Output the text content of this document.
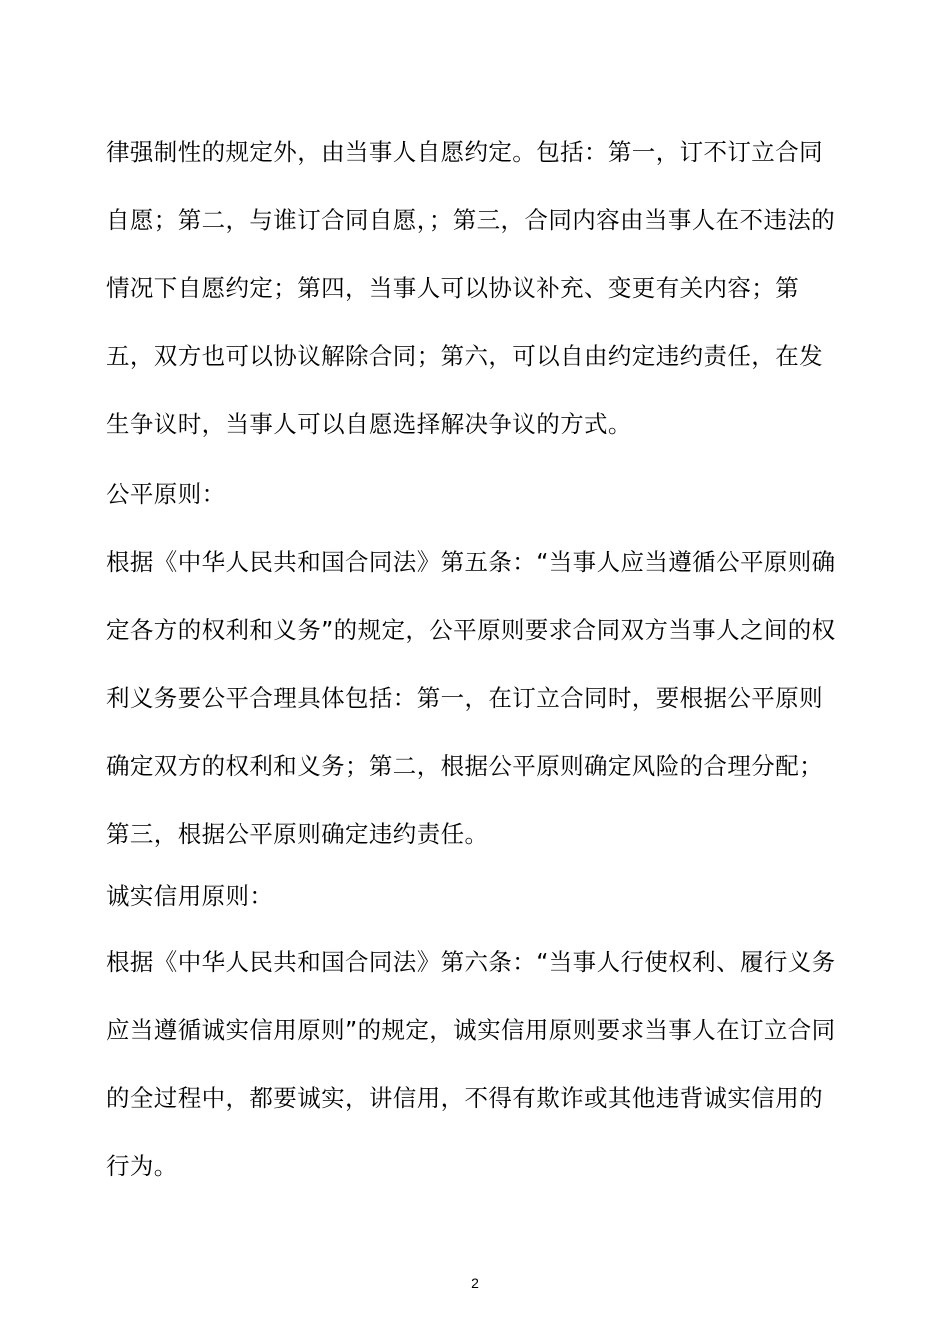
律强制性的规定外，由当事人自愿约定。包括：第一，订不订立合同自愿；第二，与谁订合同自愿，；第三，合同内容由当事人在不违法的情况下自愿约定；第四，当事人可以协议补充、变更有关内容；第五，双方也可以协议解除合同；第六，可以自由约定违约责任，在发生争议时，当事人可以自愿选择解决争议的方式。

公平原则：

根据《中华人民共和国合同法》第五条：“当事人应当遵循公平原则确定各方的权利和义务”的规定，公平原则要求合同双方当事人之间的权利义务要公平合理具体包括：第一，在订立合同时，要根据公平原则确定双方的权利和义务；第二，根据公平原则确定风险的合理分配；第三，根据公平原则确定违约责任。

诚实信用原则：

根据《中华人民共和国合同法》第六条：“当事人行使权利、履行义务应当遵循诚实信用原则”的规定，诚实信用原则要求当事人在订立合同的全过程中，都要诚实，讲信用，不得有欺诈或其他违背诚实信用的行为。

2
